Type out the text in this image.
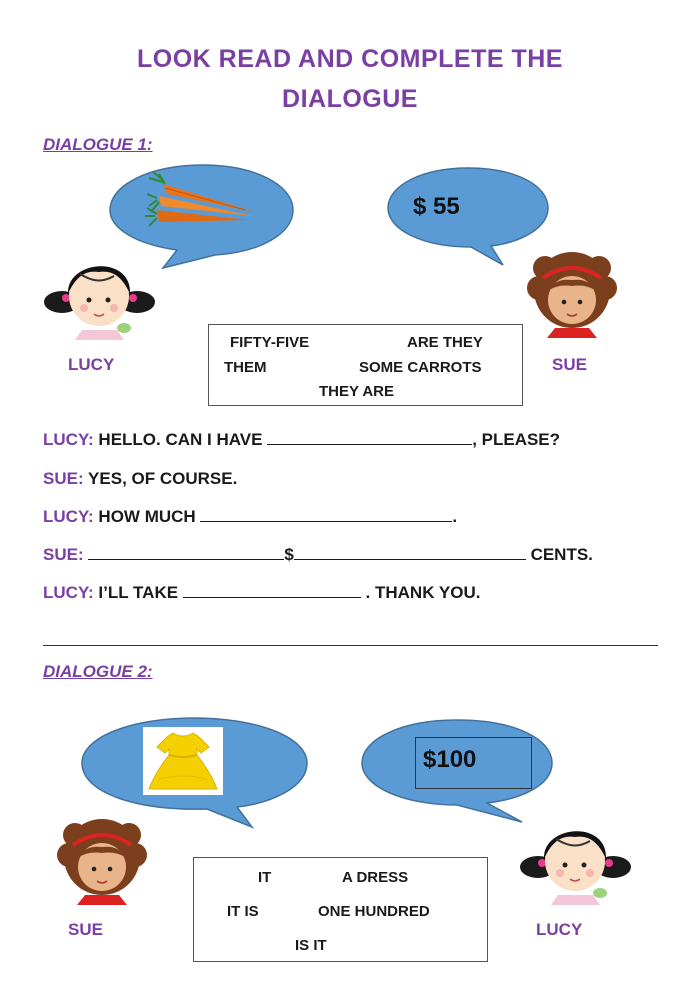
LOOK READ AND COMPLETE THE
DIALOGUE
DIALOGUE 1:
$ 55
LUCY	SUE
FIFTY-FIVE	ARE THEY
THEM	SOME CARROTS
THEY ARE
LUCY: HELLO. CAN I HAVE	, PLEASE?
SUE: YES, OF COURSE.
LUCY: HOW MUCH	.
SUE:	$	CENTS.
LUCY: I’LL TAKE	. THANK YOU.
DIALOGUE 2:
$100
SUE	LUCY
IT	A DRESS
IT IS	ONE HUNDRED
IS IT
